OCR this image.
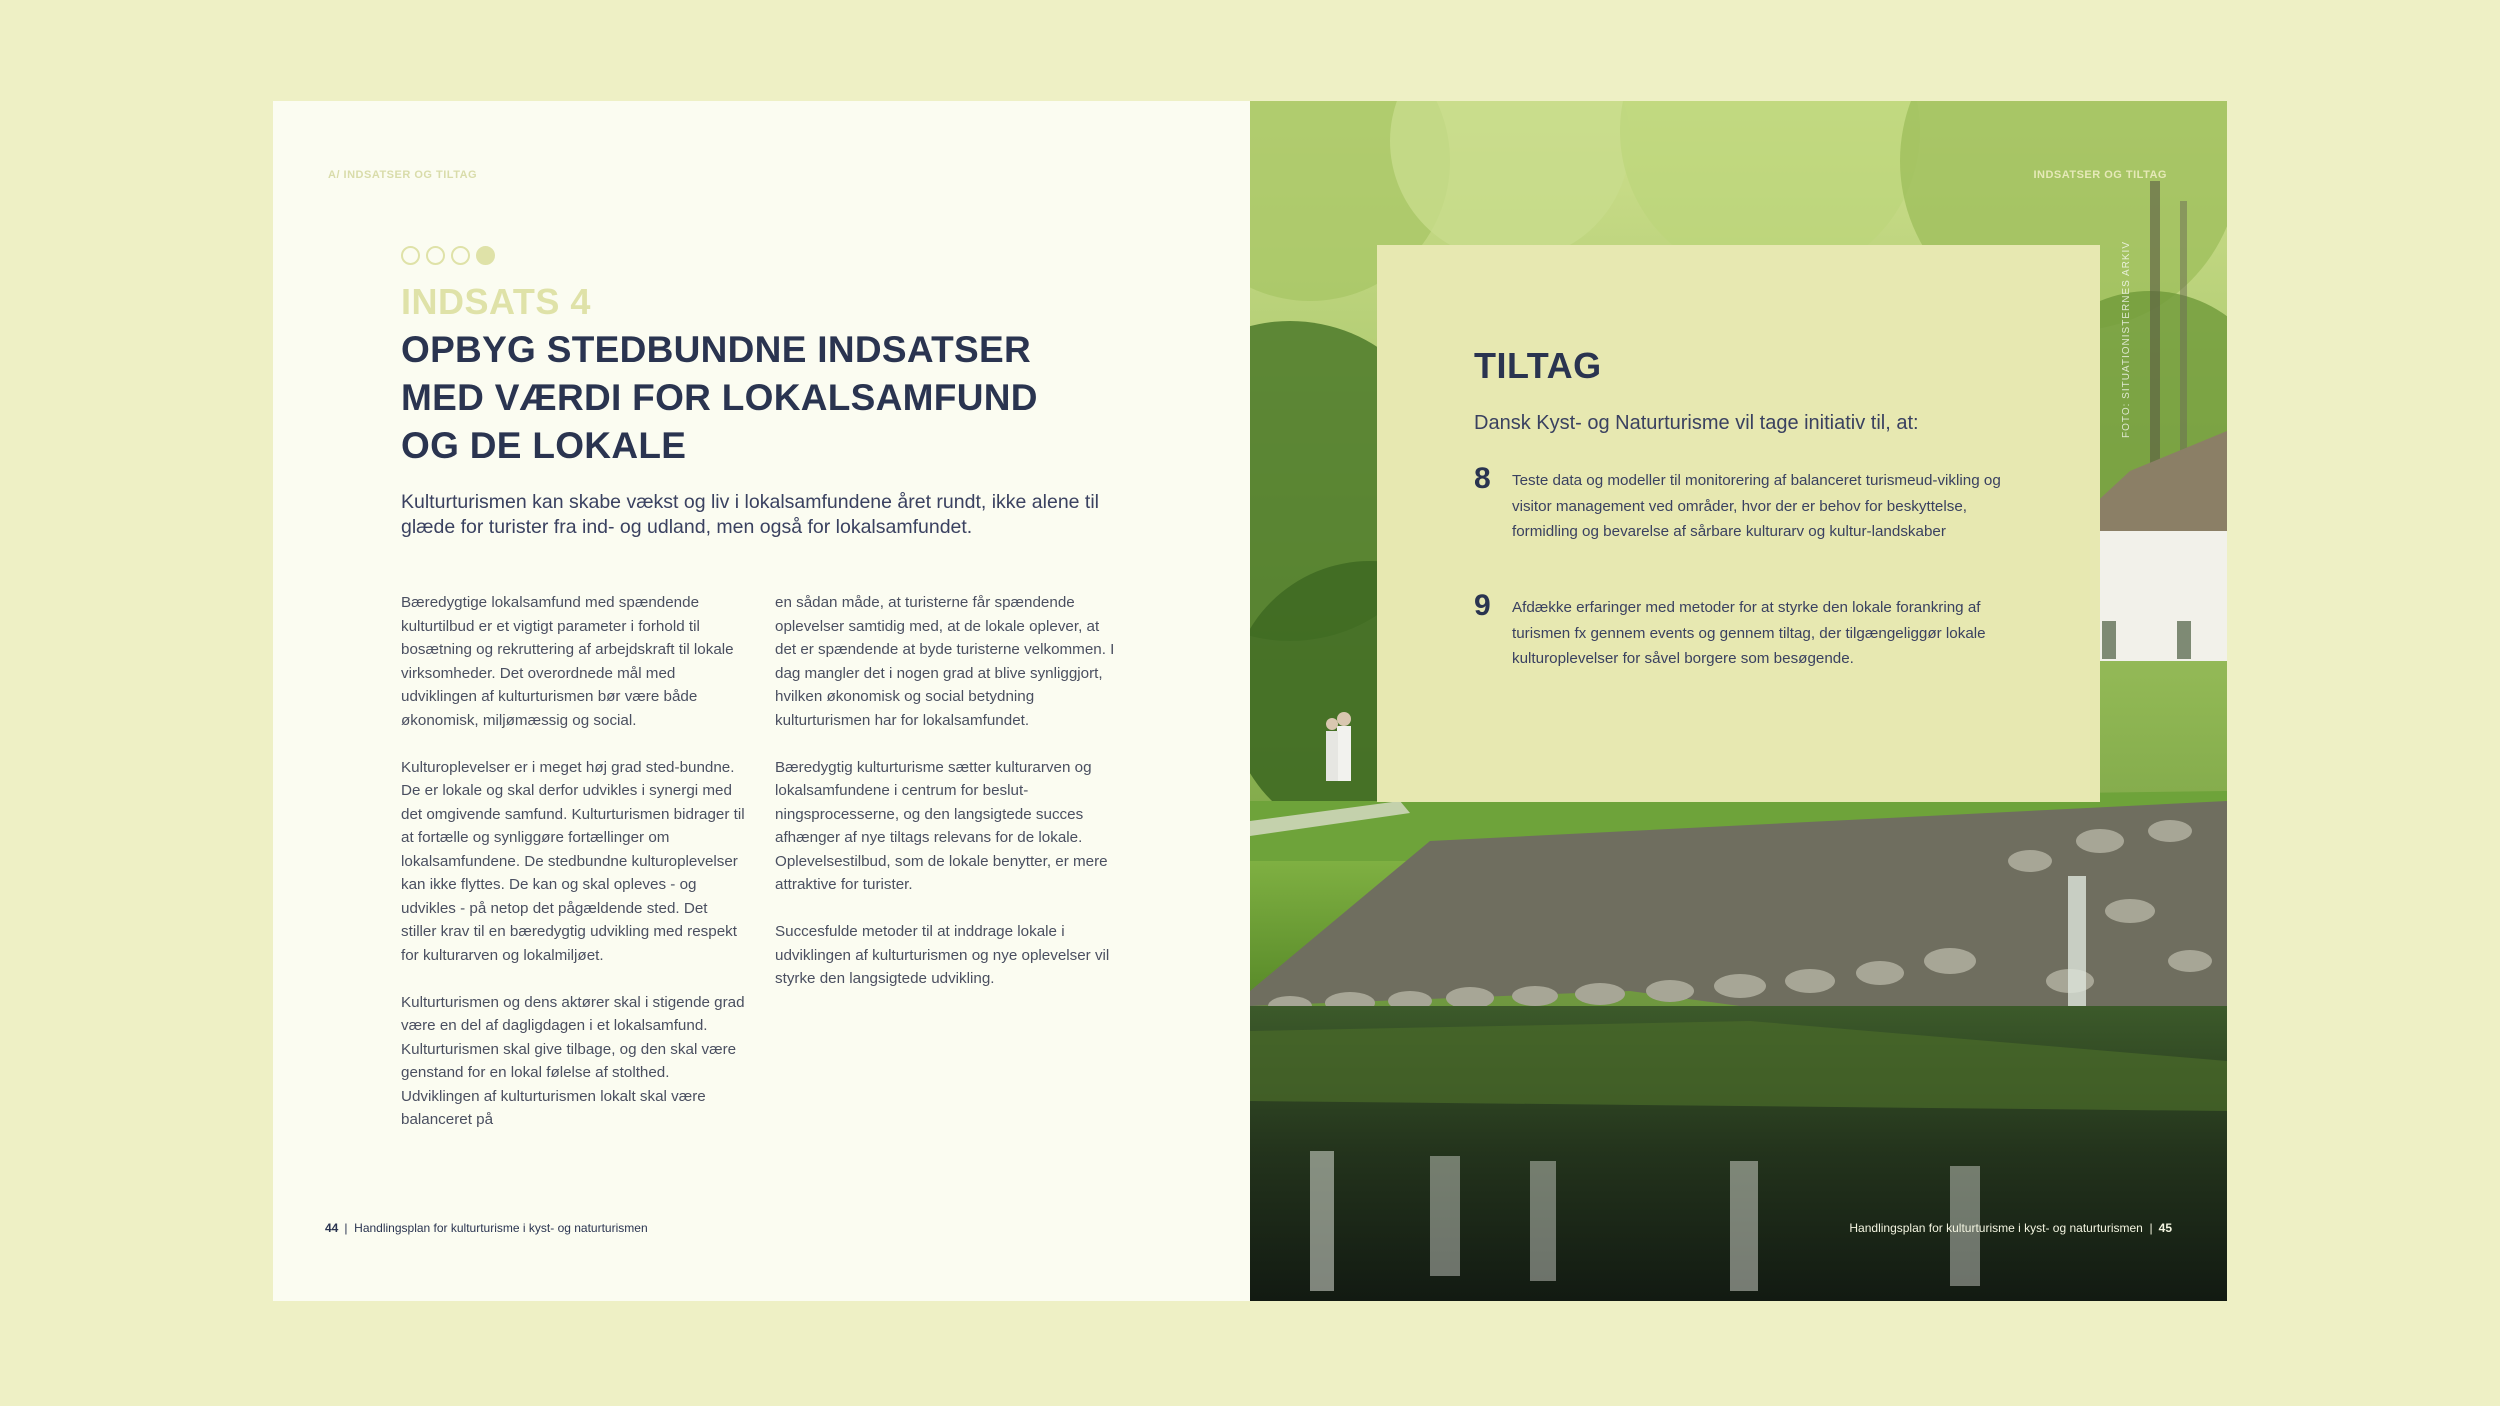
A/ INDSATSER OG TILTAG
INDSATS 4
OPBYG STEDBUNDNE INDSATSER
MED VÆRDI FOR LOKALSAMFUND
OG DE LOKALE
Kulturturismen kan skabe vækst og liv i lokalsamfundene året rundt, ikke alene til glæde for turister fra ind- og udland, men også for lokalsamfundet.

Bæredygtige lokalsamfund med spændende kulturtilbud er et vigtigt parameter i forhold til bosætning og rekruttering af arbejdskraft til lokale virksomheder. Det overordnede mål med udviklingen af kulturturismen bør være både økonomisk, miljømæssig og social.

Kulturoplevelser er i meget høj grad sted-bundne. De er lokale og skal derfor udvikles i synergi med det omgivende samfund. Kulturturismen bidrager til at fortælle og synliggøre fortællinger om lokalsamfundene. De stedbundne kulturoplevelser kan ikke flyttes. De kan og skal opleves - og udvikles - på netop det pågældende sted. Det stiller krav til en bæredygtig udvikling med respekt for kulturarven og lokalmiljøet.

Kulturturismen og dens aktører skal i stigende grad være en del af dagligdagen i et lokalsamfund. Kulturturismen skal give tilbage, og den skal være genstand for en lokal følelse af stolthed. Udviklingen af kulturturismen lokalt skal være balanceret på

en sådan måde, at turisterne får spændende oplevelser samtidig med, at de lokale oplever, at det er spændende at byde turisterne velkommen. I dag mangler det i nogen grad at blive synliggjort, hvilken økonomisk og social betydning kulturturismen har for lokalsamfundet.

Bæredygtig kulturturisme sætter kulturarven og lokalsamfundene i centrum for beslut-ningsprocesserne, og den langsigtede succes afhænger af nye tiltags relevans for de lokale. Oplevelsestilbud, som de lokale benytter, er mere attraktive for turister.

Succesfulde metoder til at inddrage lokale i udviklingen af kulturturismen og nye oplevelser vil styrke den langsigtede udvikling.

44 | Handlingsplan for kulturturisme i kyst- og naturturismen
INDSATSER OG TILTAG
FOTO: SITUATIONISTERNES ARKIV
TILTAG
Dansk Kyst- og Naturturisme vil tage initiativ til, at:
8 Teste data og modeller til monitorering af balanceret turismeud-vikling og visitor management ved områder, hvor der er behov for beskyttelse, formidling og bevarelse af sårbare kulturarv og kultur-landskaber
9 Afdække erfaringer med metoder for at styrke den lokale forankring af turismen fx gennem events og gennem tiltag, der tilgængeliggør lokale kulturoplevelser for såvel borgere som besøgende.
Handlingsplan for kulturturisme i kyst- og naturturismen | 45
